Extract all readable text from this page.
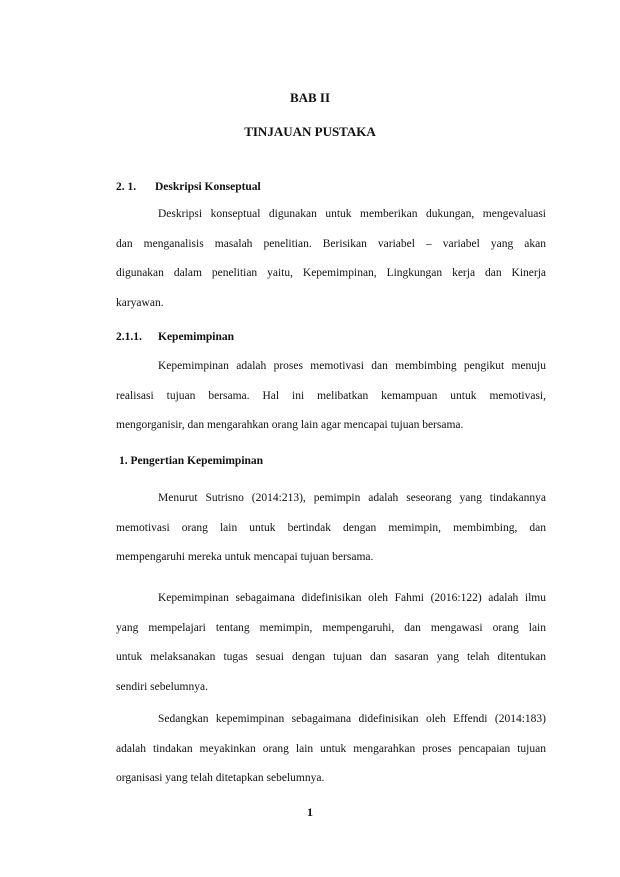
BAB II
TINJAUAN PUSTAKA
2. 1. Deskripsi Konseptual
Deskripsi konseptual digunakan untuk memberikan dukungan, mengevaluasi
dan menganalisis masalah penelitian. Berisikan variabel – variabel yang akan
digunakan dalam penelitian yaitu, Kepemimpinan, Lingkungan kerja dan Kinerja
karyawan.
2.1.1. Kepemimpinan
Kepemimpinan adalah proses memotivasi dan membimbing pengikut menuju
realisasi tujuan bersama. Hal ini melibatkan kemampuan untuk memotivasi,
mengorganisir, dan mengarahkan orang lain agar mencapai tujuan bersama.
1. Pengertian Kepemimpinan
Menurut Sutrisno (2014:213), pemimpin adalah seseorang yang tindakannya
memotivasi orang lain untuk bertindak dengan memimpin, membimbing, dan
mempengaruhi mereka untuk mencapai tujuan bersama.
Kepemimpinan sebagaimana didefinisikan oleh Fahmi (2016:122) adalah ilmu
yang mempelajari tentang memimpin, mempengaruhi, dan mengawasi orang lain
untuk melaksanakan tugas sesuai dengan tujuan dan sasaran yang telah ditentukan
sendiri sebelumnya.
Sedangkan kepemimpinan sebagaimana didefinisikan oleh Effendi (2014:183)
adalah tindakan meyakinkan orang lain untuk mengarahkan proses pencapaian tujuan
organisasi yang telah ditetapkan sebelumnya.
1
